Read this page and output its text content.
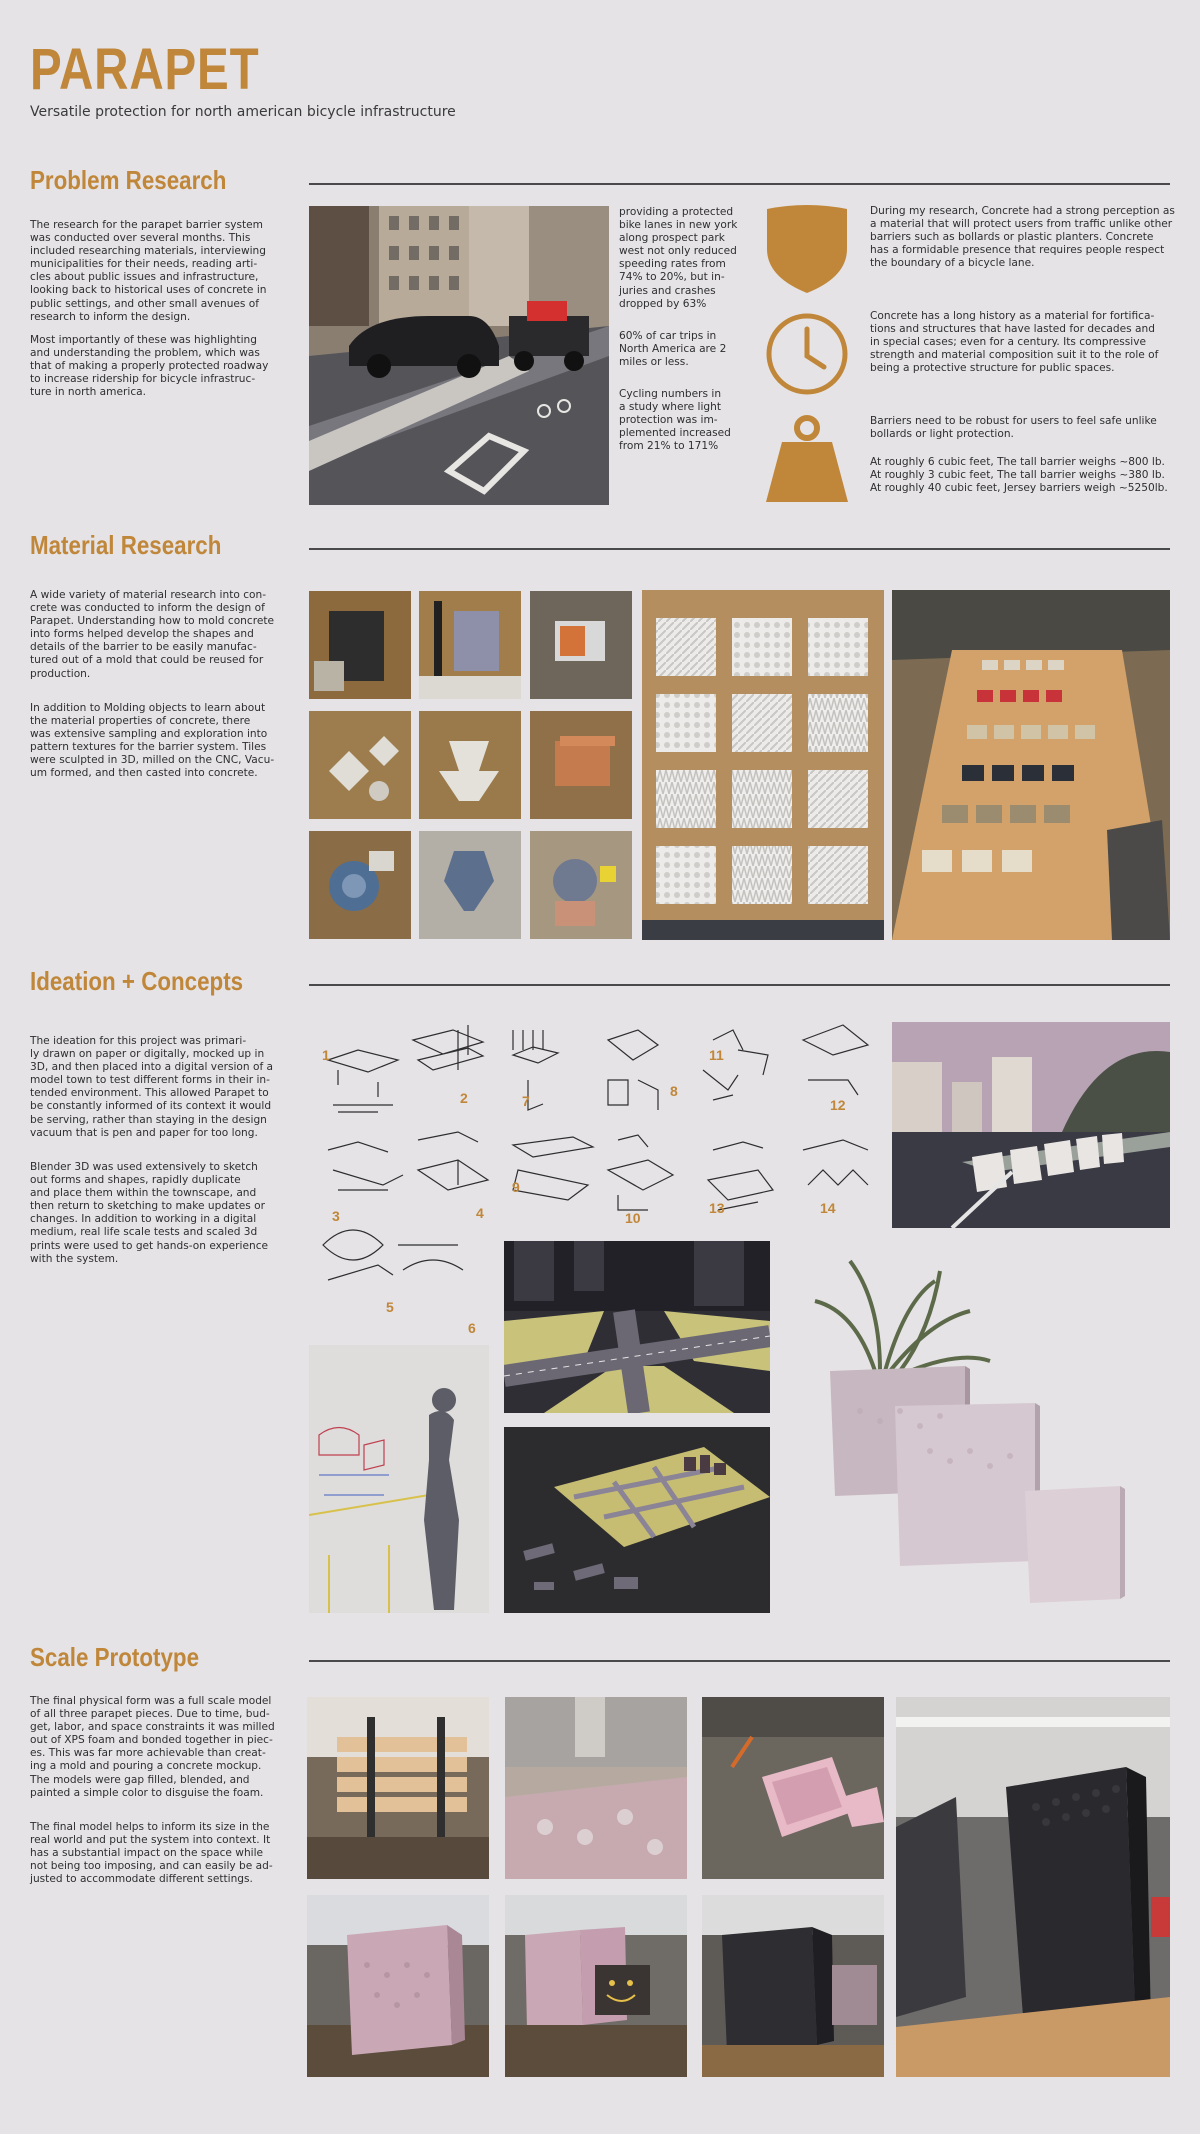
PARAPET
Versatile protection for north american bicycle infrastructure
Problem Research
The research for the parapet barrier system
was conducted over several months. This
included researching materials, interviewing
municipalities for their needs, reading arti-
cles about public issues and infrastructure,
looking back to historical uses of concrete in
public settings, and other small avenues of
research to inform the design.
Most importantly of these was highlighting
and understanding the problem, which was
that of making a properly protected roadway
to increase ridership for bicycle infrastruc-
ture in north america.
providing a protected
bike lanes in new york
along prospect park
west not only reduced
speeding rates from
74% to 20%, but in-
juries and crashes
dropped by 63%
60% of car trips in
North America are 2
miles or less.
Cycling numbers in
a study where light
protection was im-
plemented increased
from 21% to 171%
During my research, Concrete had a strong perception as
a material that will protect users from traffic unlike other
barriers such as bollards or plastic planters. Concrete
has a formidable presence that requires people respect
the boundary of a bicycle lane.
Concrete has a long history as a material for fortifica-
tions and structures that have lasted for decades and
in special cases; even for a century. Its compressive
strength and material composition suit it to the role of
being a protective structure for public spaces.
Barriers need to be robust for users to feel safe unlike
bollards or light protection.
At roughly 6 cubic feet, The tall barrier weighs ~800 lb.
At roughly 3 cubic feet, The tall barrier weighs ~380 lb.
At roughly 40 cubic feet, Jersey barriers weigh ~5250lb.
Material Research
A wide variety of material research into con-
crete was conducted to inform the design of
Parapet. Understanding how to mold concrete
into forms helped develop the shapes and
details of the barrier to be easily manufac-
tured out of a mold that could be reused for
production.
In addition to Molding objects to learn about
the material properties of concrete, there
was extensive sampling and exploration into
pattern textures for the barrier system. Tiles
were sculpted in 3D, milled on the CNC, Vacu-
um formed, and then casted into concrete.
Ideation + Concepts
The ideation for this project was primari-
ly drawn on paper or digitally, mocked up in
3D, and then placed into a digital version of a
model town to test different forms in their in-
tended environment. This allowed Parapet to
be constantly informed of its context it would
be serving, rather than staying in the design
vacuum that is pen and paper for too long.
Blender 3D was used extensively to sketch
out forms and shapes, rapidly duplicate
and place them within the townscape, and
then return to sketching to make updates or
changes. In addition to working in a digital
medium, real life scale tests and scaled 3d
prints were used to get hands-on experience
with the system.
1
2	7
8
11
12
3	4
9
10
13	14
5
6
Scale Prototype
The final physical form was a full scale model
of all three parapet pieces. Due to time, bud-
get, labor, and space constraints it was milled
out of XPS foam and bonded together in piec-
es. This was far more achievable than creat-
ing a mold and pouring a concrete mockup.
The models were gap filled, blended, and
painted a simple color to disguise the foam.
The final model helps to inform its size in the
real world and put the system into context. It
has a substantial impact on the space while
not being too imposing, and can easily be ad-
justed to accommodate different settings.
